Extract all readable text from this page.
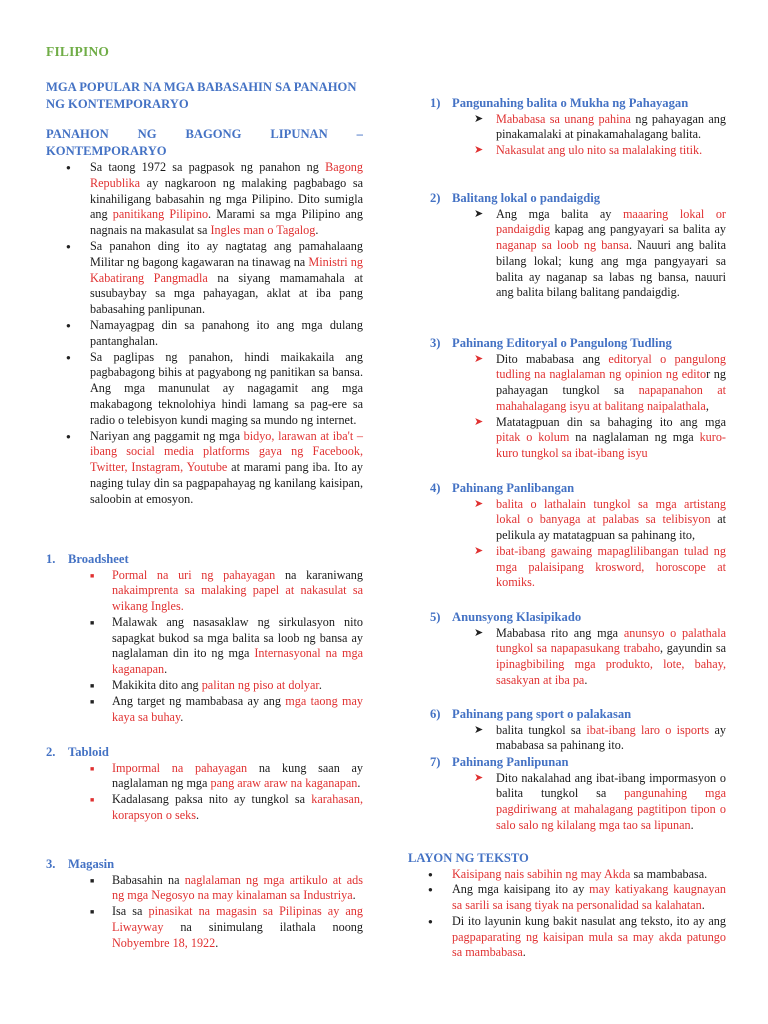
FILIPINO
MGA POPULAR NA MGA BABASAHIN SA PANAHON NG KONTEMPORARYO
PANAHON NG BAGONG LIPUNAN –
KONTEMPORARYO
● Sa taong 1972 sa pagpasok ng panahon ng Bagong Republika ay nagkaroon ng malaking pagbabago sa kinahiligang babasahin ng mga Pilipino. Dito sumigla ang panitikang Pilipino. Marami sa mga Pilipino ang nagnais na makasulat sa Ingles man o Tagalog.
● Sa panahon ding ito ay nagtatag ang pamahalaang Militar ng bagong kagawaran na tinawag na Ministri ng Kabatirang Pangmadla na siyang mamamahala at susubaybay sa mga pahayagan, aklat at iba pang babasahing panlipunan.
● Namayagpag din sa panahong ito ang mga dulang pantanghalan.
● Sa paglipas ng panahon, hindi maikakaila ang pagbabagong bihis at pagyabong ng panitikan sa bansa. Ang mga manunulat ay nagagamit ang mga makabagong teknolohiya hindi lamang sa pag-ere sa radio o telebisyon kundi maging sa mundo ng internet.
● Nariyan ang paggamit ng mga bidyo, larawan at iba't – ibang social media platforms gaya ng Facebook, Twitter, Instagram, Youtube at marami pang iba. Ito ay naging tulay din sa pagpapahayag ng kanilang kaisipan, saloobin at emosyon.
1. Broadsheet
■ Pormal na uri ng pahayagan na karaniwang nakaimprenta sa malaking papel at nakasulat sa wikang Ingles.
■ Malawak ang nasasaklaw ng sirkulasyon nito sapagkat bukod sa mga balita sa loob ng bansa ay naglalaman din ito ng mga Internasyonal na mga kaganapan.
■ Makikita dito ang palitan ng piso at dolyar.
■ Ang target ng mambabasa ay ang mga taong may kaya sa buhay.
2. Tabloid
■ Impormal na pahayagan na kung saan ay naglalaman ng mga pang araw araw na kaganapan.
■ Kadalasang paksa nito ay tungkol sa karahasan, korapsyon o seks.
3. Magasin
■ Babasahin na naglalaman ng mga artikulo at ads ng mga Negosyo na may kinalaman sa Industriya.
■ Isa sa pinasikat na magasin sa Pilipinas ay ang Liwayway na sinimulang ilathala noong Nobyembre 18, 1922.
1) Pangunahing balita o Mukha ng Pahayagan
➤ Mababasa sa unang pahina ng pahayagan ang pinakamalaki at pinakamahalagang balita.
➤ Nakasulat ang ulo nito sa malalaking titik.
2) Balitang lokal o pandaigdig
➤ Ang mga balita ay maaaring lokal or pandaigdig kapag ang pangyayari sa balita ay naganap sa loob ng bansa. Nauuri ang balita bilang lokal; kung ang mga pangyayari sa balita ay naganap sa labas ng bansa, nauuri ang balita bilang balitang pandaigdig.
3) Pahinang Editoryal o Pangulong Tudling
➤ Dito mababasa ang editoryal o pangulong tudling na naglalaman ng opinion ng editor ng pahayagan tungkol sa napapanahon at mahahalagang isyu at balitang naipalathala,
➤ Matatagpuan din sa bahaging ito ang mga pitak o kolum na naglalaman ng mga kuro-kuro tungkol sa ibat-ibang isyu
4) Pahinang Panlibangan
➤ balita o lathalain tungkol sa mga artistang lokal o banyaga at palabas sa telibisyon at pelikula ay matatagpuan sa pahinang ito,
➤ ibat-ibang gawaing mapaglilibangan tulad ng mga palaisipang krosword, horoscope at komiks.
5) Anunsyong Klasipikado
➤ Mababasa rito ang mga anunsyo o palathala tungkol sa napapasukang trabaho, gayundin sa ipinagbibiling mga produkto, lote, bahay, sasakyan at iba pa.
6) Pahinang pang sport o palakasan
➤ balita tungkol sa ibat-ibang laro o isports ay mababasa sa pahinang ito.
7) Pahinang Panlipunan
➤ Dito nakalahad ang ibat-ibang impormasyon o balita tungkol sa pangunahing mga pagdiriwang at mahalagang pagtitipon tipon o salo salo ng kilalang mga tao sa lipunan.
LAYON NG TEKSTO
● Kaisipang nais sabihin ng may Akda sa mambabasa.
● Ang mga kaisipang ito ay may katiyakang kaugnayan sa sarili sa isang tiyak na personalidad sa kalahatan.
● Di ito layunin kung bakit nasulat ang teksto, ito ay ang pagpaparating ng kaisipan mula sa may akda patungo sa mambabasa.
